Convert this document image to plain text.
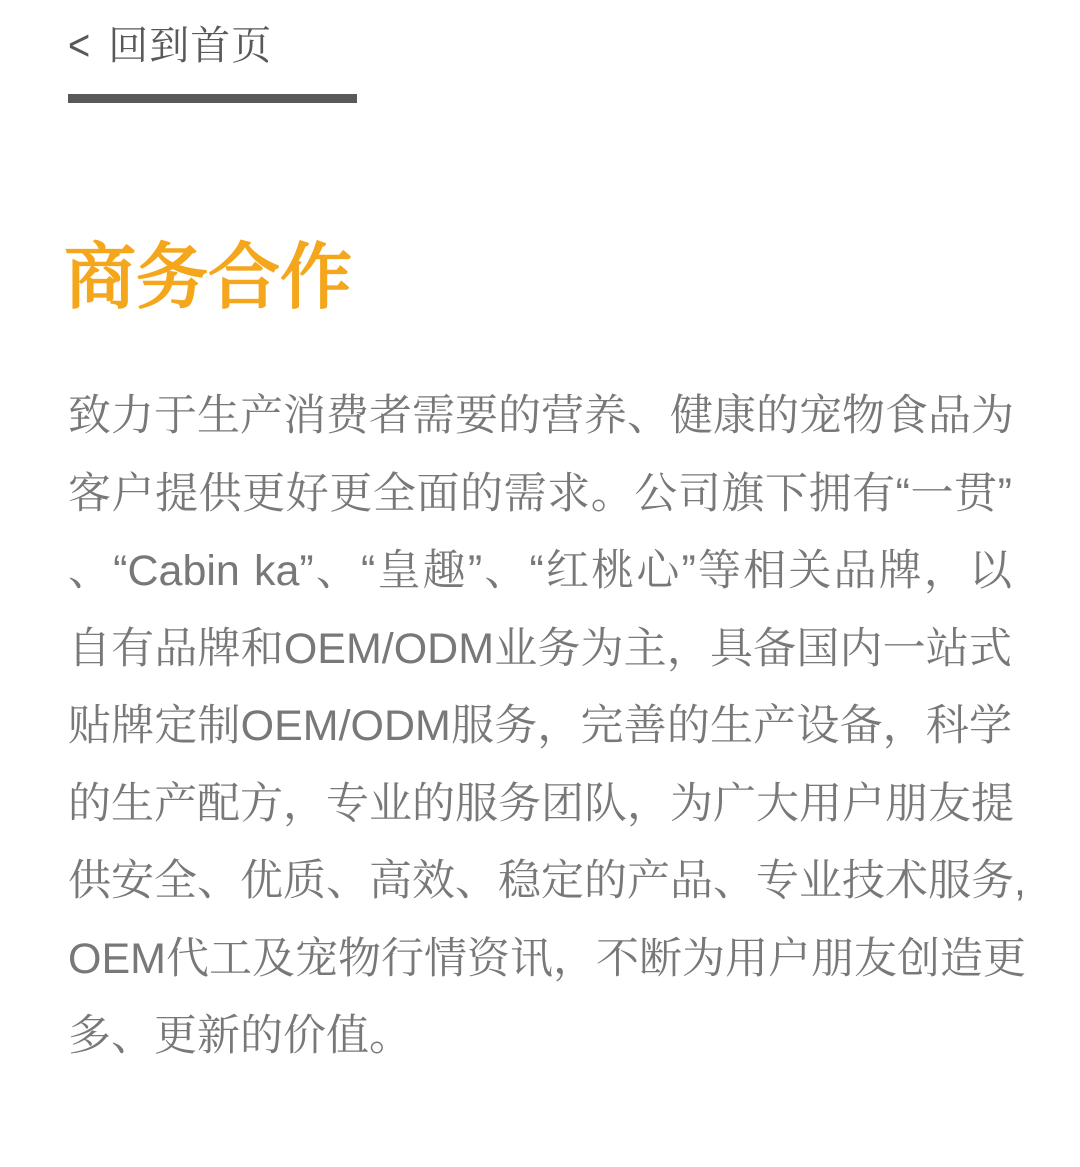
< 回到首页
商务合作
致力于生产消费者需要的营养、健康的宠物食品为
客户提供更好更全面的需求。公司旗下拥有“一贯”
、“Cabin ka”、“皇趣”、“红桃心”等相关品牌，以
自有品牌和OEM/ODM业务为主，具备国内一站式
贴牌定制OEM/ODM服务，完善的生产设备，科学
的生产配方，专业的服务团队，为广大用户朋友提
供安全、优质、高效、稳定的产品、专业技术服务,
OEM代工及宠物行情资讯，不断为用户朋友创造更
多、更新的价值。
